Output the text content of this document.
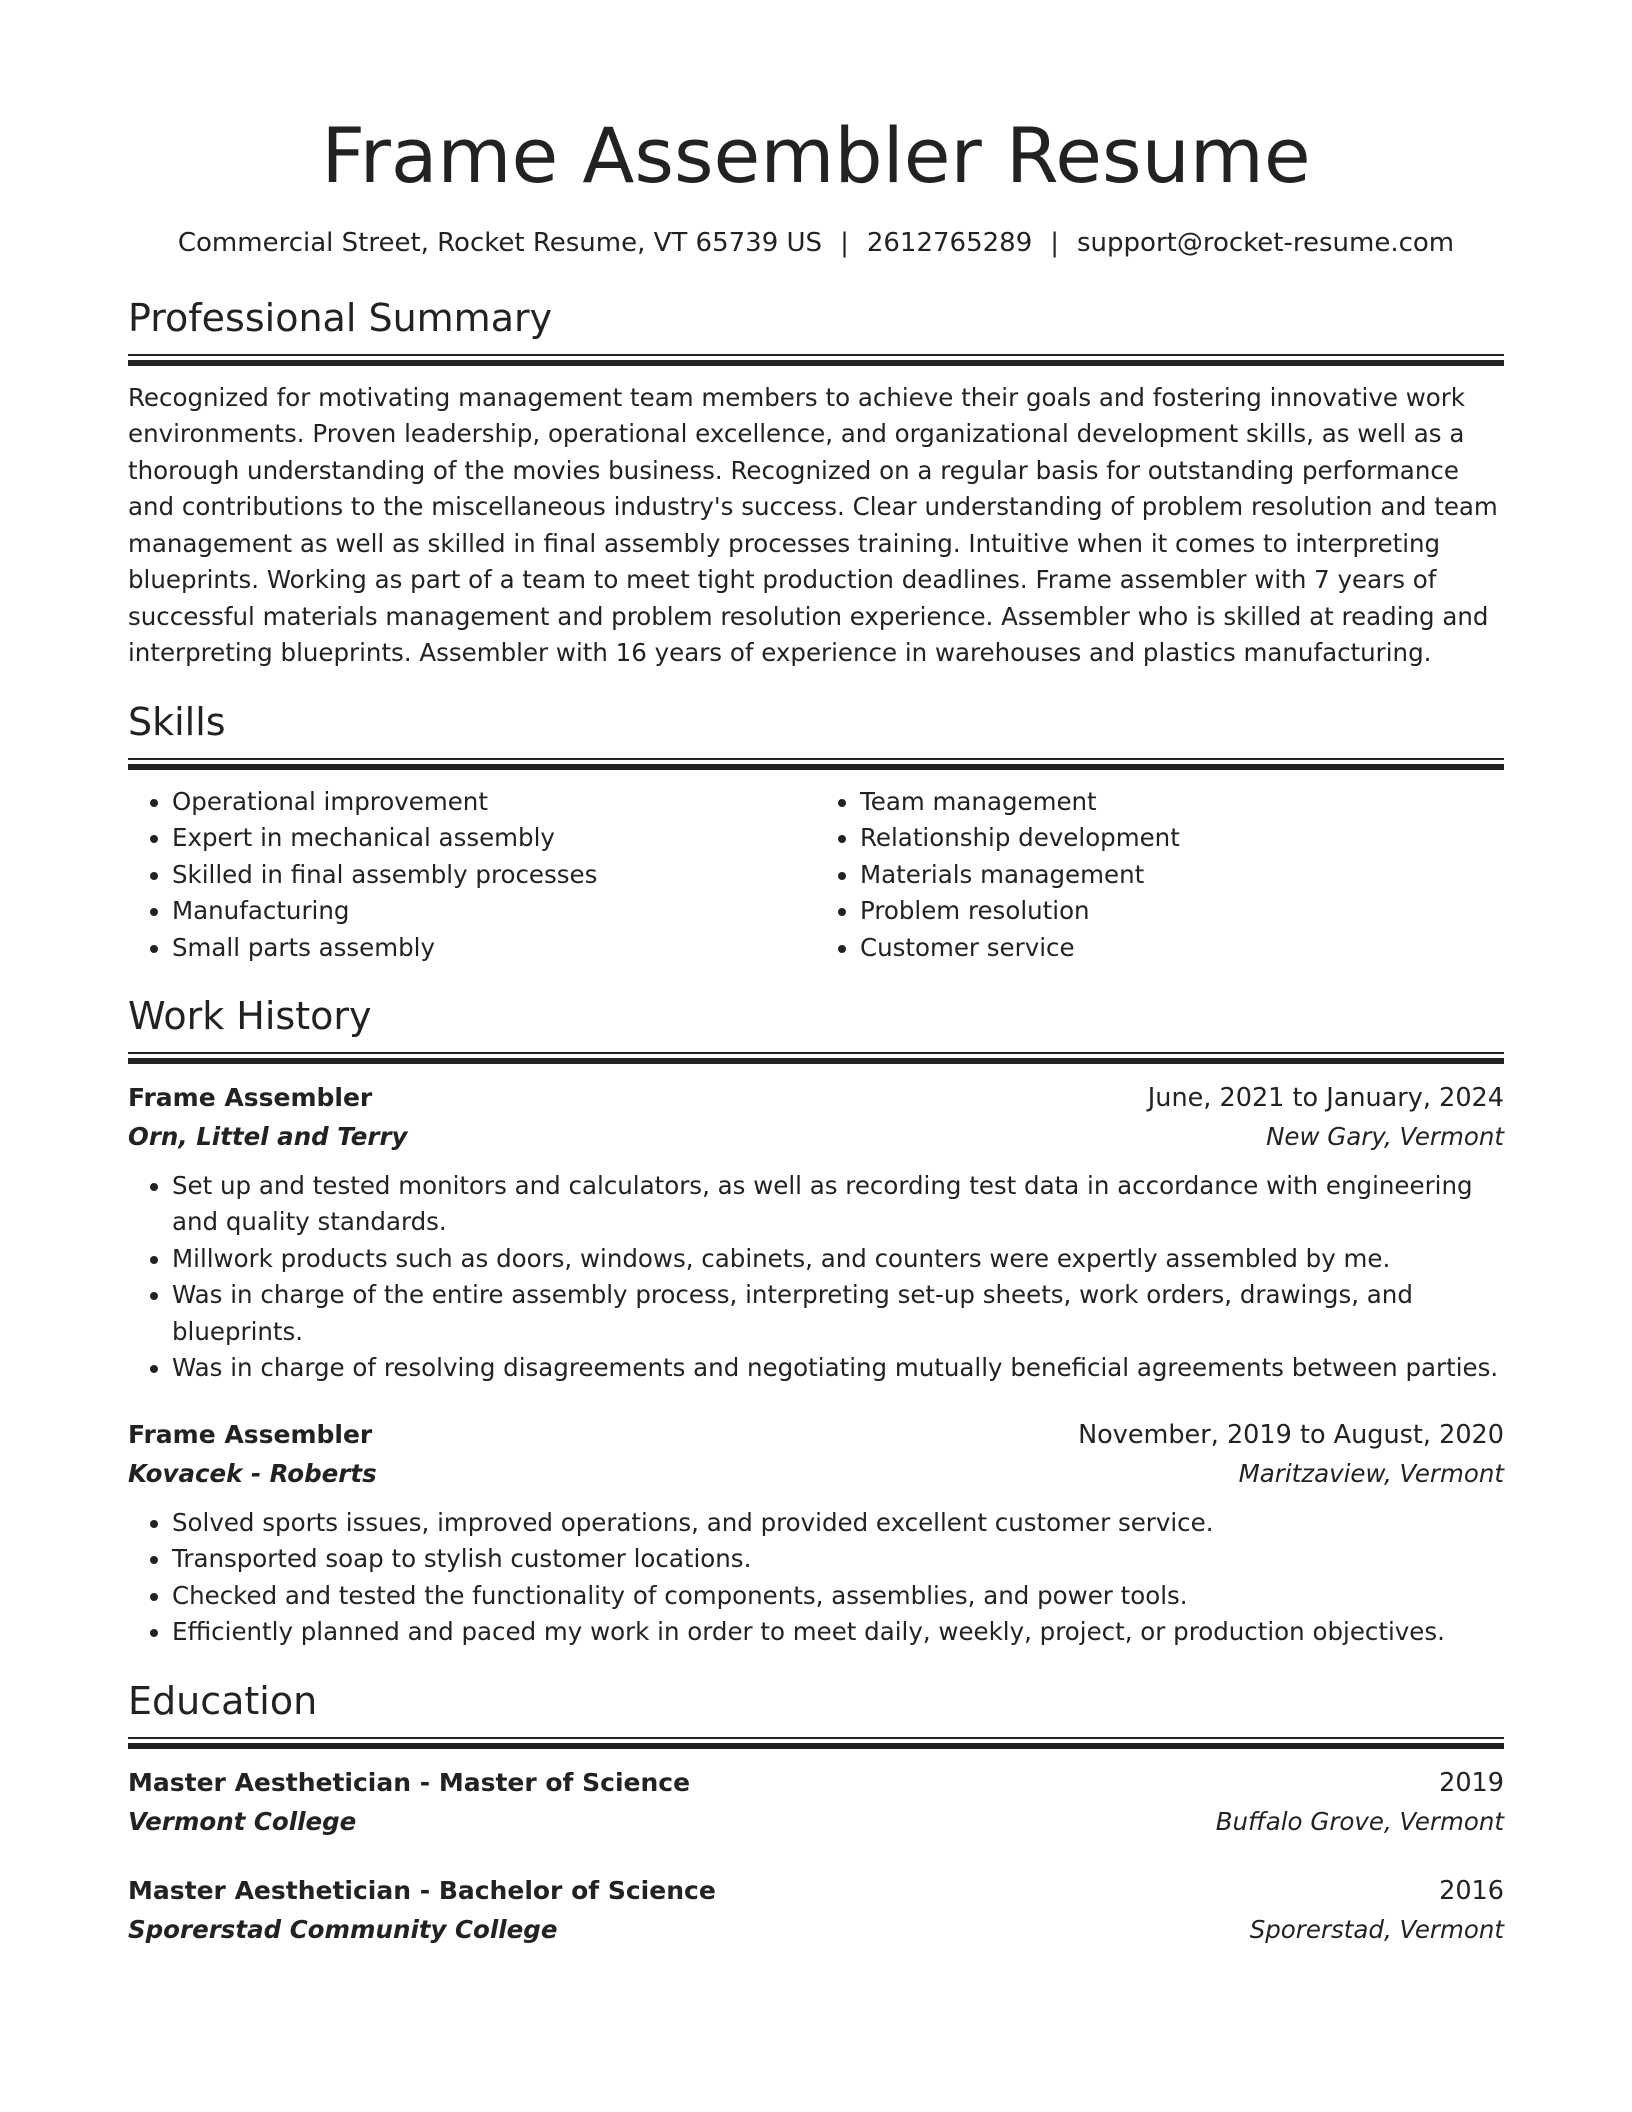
Frame Assembler Resume
Commercial Street, Rocket Resume, VT 65739 US | 2612765289 | support@rocket-resume.com
Professional Summary

Recognized for motivating management team members to achieve their goals and fostering innovative work environments. Proven leadership, operational excellence, and organizational development skills, as well as a thorough understanding of the movies business. Recognized on a regular basis for outstanding performance and contributions to the miscellaneous industry's success. Clear understanding of problem resolution and team management as well as skilled in final assembly processes training. Intuitive when it comes to interpreting blueprints. Working as part of a team to meet tight production deadlines. Frame assembler with 7 years of successful materials management and problem resolution experience. Assembler who is skilled at reading and interpreting blueprints. Assembler with 16 years of experience in warehouses and plastics manufacturing.

Skills
• Operational improvement
• Expert in mechanical assembly
• Skilled in final assembly processes
• Manufacturing
• Small parts assembly
• Team management
• Relationship development
• Materials management
• Problem resolution
• Customer service
Work History
Frame Assembler	June, 2021 to January, 2024
Orn, Littel and Terry	New Gary, Vermont
• Set up and tested monitors and calculators, as well as recording test data in accordance with engineering and quality standards.
• Millwork products such as doors, windows, cabinets, and counters were expertly assembled by me.
• Was in charge of the entire assembly process, interpreting set-up sheets, work orders, drawings, and blueprints.
• Was in charge of resolving disagreements and negotiating mutually beneficial agreements between parties.
Frame Assembler	November, 2019 to August, 2020
Kovacek - Roberts	Maritzaview, Vermont
• Solved sports issues, improved operations, and provided excellent customer service.
• Transported soap to stylish customer locations.
• Checked and tested the functionality of components, assemblies, and power tools.
• Efficiently planned and paced my work in order to meet daily, weekly, project, or production objectives.
Education
Master Aesthetician - Master of Science	2019
Vermont College	Buffalo Grove, Vermont
Master Aesthetician - Bachelor of Science	2016
Sporerstad Community College	Sporerstad, Vermont
